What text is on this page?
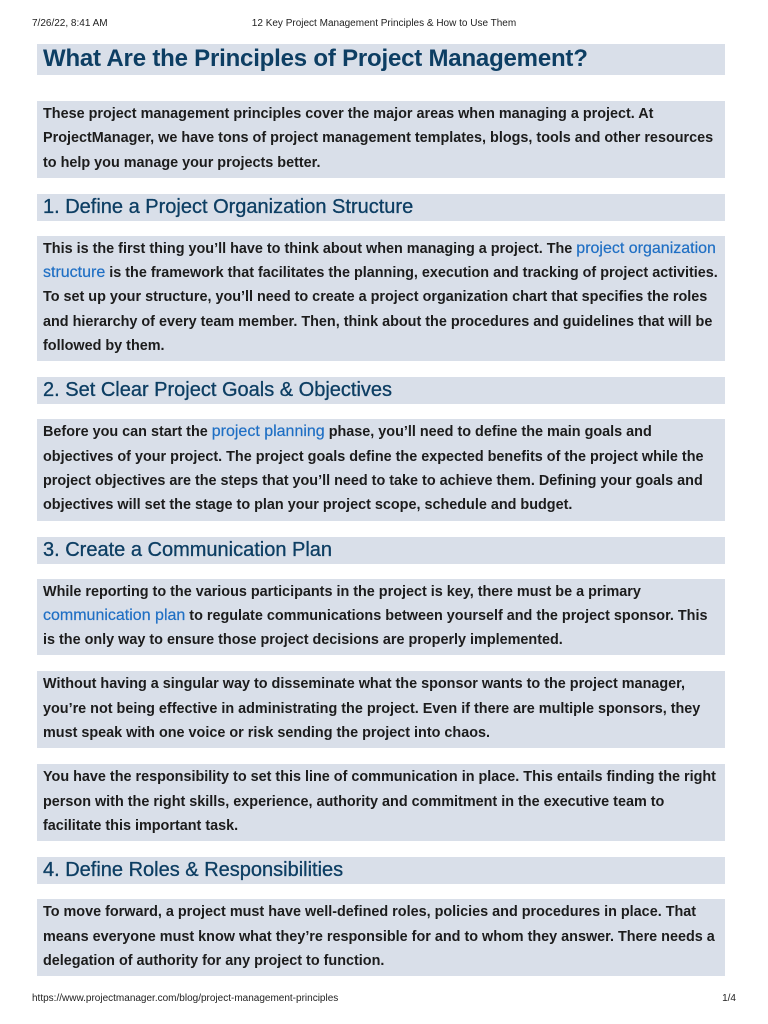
7/26/22, 8:41 AM	12 Key Project Management Principles & How to Use Them
What Are the Principles of Project Management?
These project management principles cover the major areas when managing a project. At ProjectManager, we have tons of project management templates, blogs, tools and other resources to help you manage your projects better.
1. Define a Project Organization Structure
This is the first thing you’ll have to think about when managing a project. The project organization structure is the framework that facilitates the planning, execution and tracking of project activities. To set up your structure, you’ll need to create a project organization chart that specifies the roles and hierarchy of every team member. Then, think about the procedures and guidelines that will be followed by them.
2. Set Clear Project Goals & Objectives
Before you can start the project planning phase, you’ll need to define the main goals and objectives of your project. The project goals define the expected benefits of the project while the project objectives are the steps that you’ll need to take to achieve them. Defining your goals and objectives will set the stage to plan your project scope, schedule and budget.
3. Create a Communication Plan
While reporting to the various participants in the project is key, there must be a primary communication plan to regulate communications between yourself and the project sponsor. This is the only way to ensure those project decisions are properly implemented.
Without having a singular way to disseminate what the sponsor wants to the project manager, you’re not being effective in administrating the project. Even if there are multiple sponsors, they must speak with one voice or risk sending the project into chaos.
You have the responsibility to set this line of communication in place. This entails finding the right person with the right skills, experience, authority and commitment in the executive team to facilitate this important task.
4. Define Roles & Responsibilities
To move forward, a project must have well-defined roles, policies and procedures in place. That means everyone must know what they’re responsible for and to whom they answer. There needs a delegation of authority for any project to function.
https://www.projectmanager.com/blog/project-management-principles	1/4
